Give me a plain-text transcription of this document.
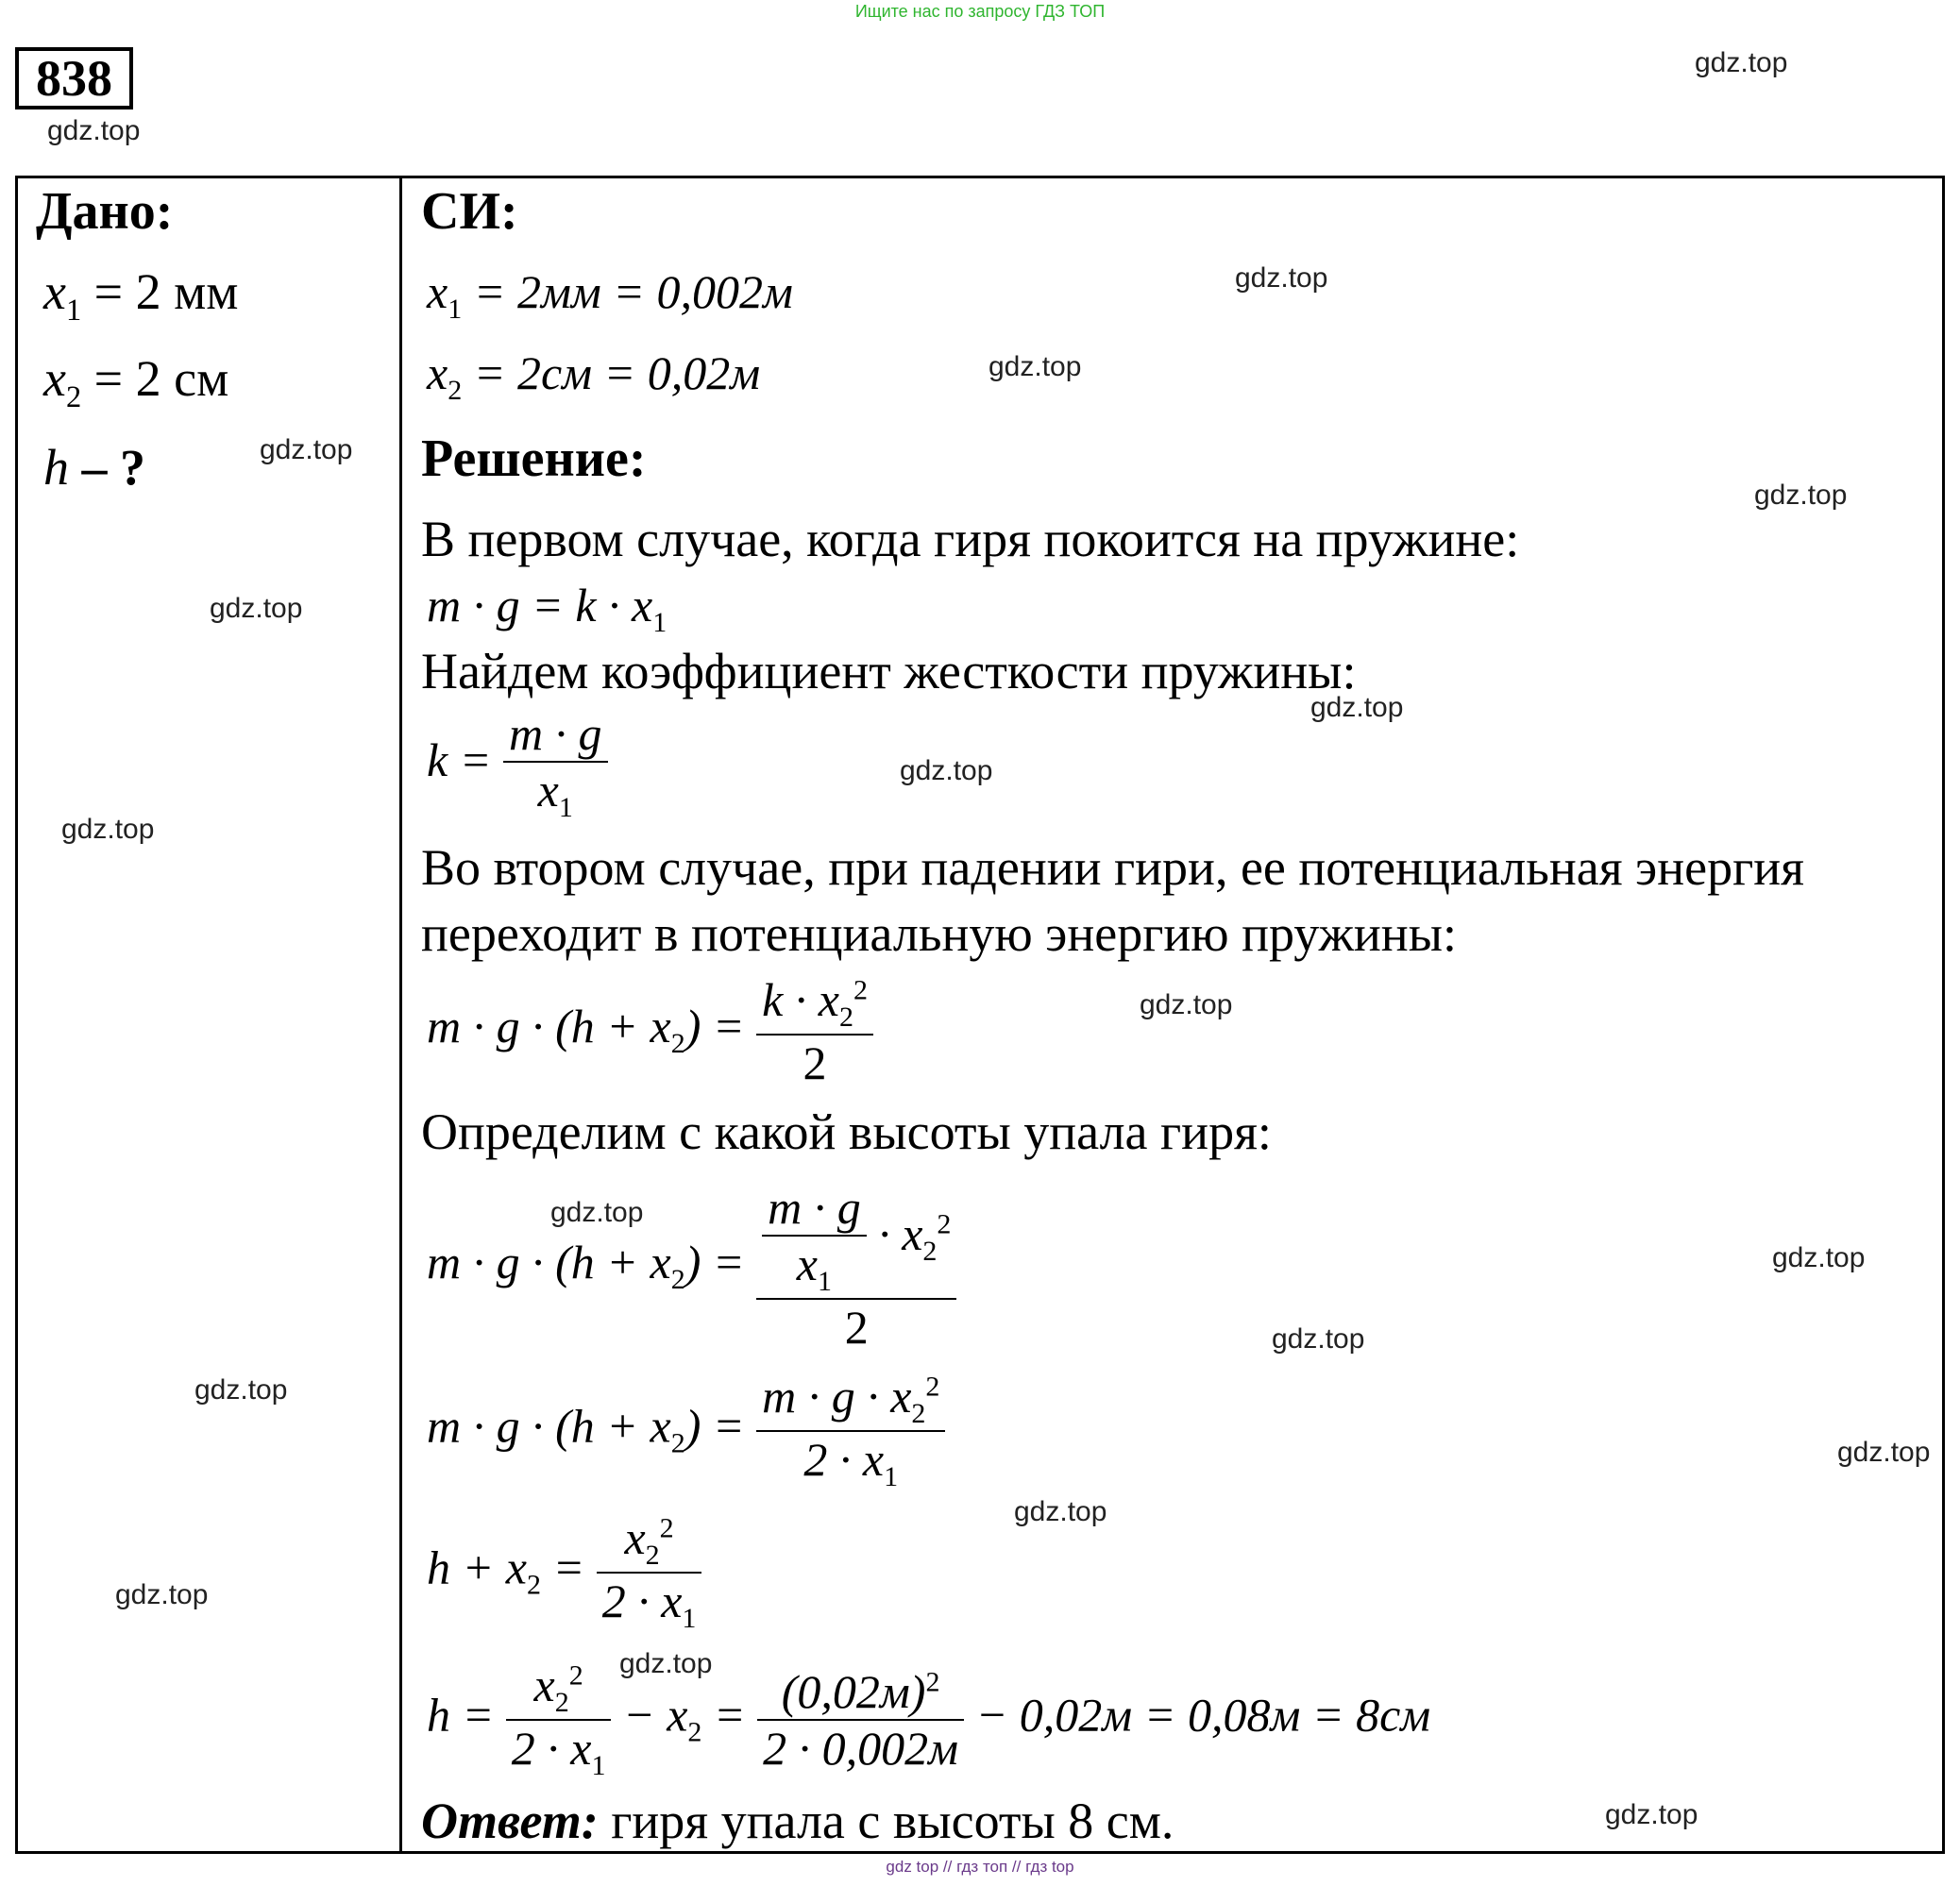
Ищите нас по запросу ГДЗ ТОП
838
gdz.top
gdz.top
gdz.top
gdz.top
gdz.top
gdz.top
gdz.top
gdz.top
gdz.top
gdz.top
gdz.top
gdz.top
gdz.top
gdz.top
gdz.top
gdz.top
gdz.top
gdz.top
gdz.top
gdz.top
Дано:
$x_1 = 2$ мм
$x_2 = 2$ см
h – ?
СИ:
$x_1 = 2мм = 0,002м$
$x_2 = 2см = 0,02м$
Решение:
В первом случае, когда гиря покоится на пружине:
$m \cdot g = k \cdot x_1$
Найдем коэффициент жесткости пружины:
$k = \frac{m \cdot g}{x_1}$
Во втором случае, при падении гири, ее потенциальная энергия
переходит в потенциальную энергию пружины:
$m \cdot g \cdot (h + x_2) = \frac{k \cdot x_2^2}{2}$
Определим с какой высоты упала гиря:
$m \cdot g \cdot (h + x_2) = \frac{\frac{m \cdot g}{x_1} \cdot x_2^2}{2}$
$m \cdot g \cdot (h + x_2) = \frac{m \cdot g \cdot x_2^2}{2 \cdot x_1}$
$h + x_2 = \frac{x_2^2}{2 \cdot x_1}$
$h = \frac{x_2^2}{2 \cdot x_1} - x_2 = \frac{(0,02м)^2}{2 \cdot 0,002м} - 0,02м = 0,08м = 8см$
Ответ: гиря упала с высоты 8 см.
gdz top // гдз топ // гдз top
